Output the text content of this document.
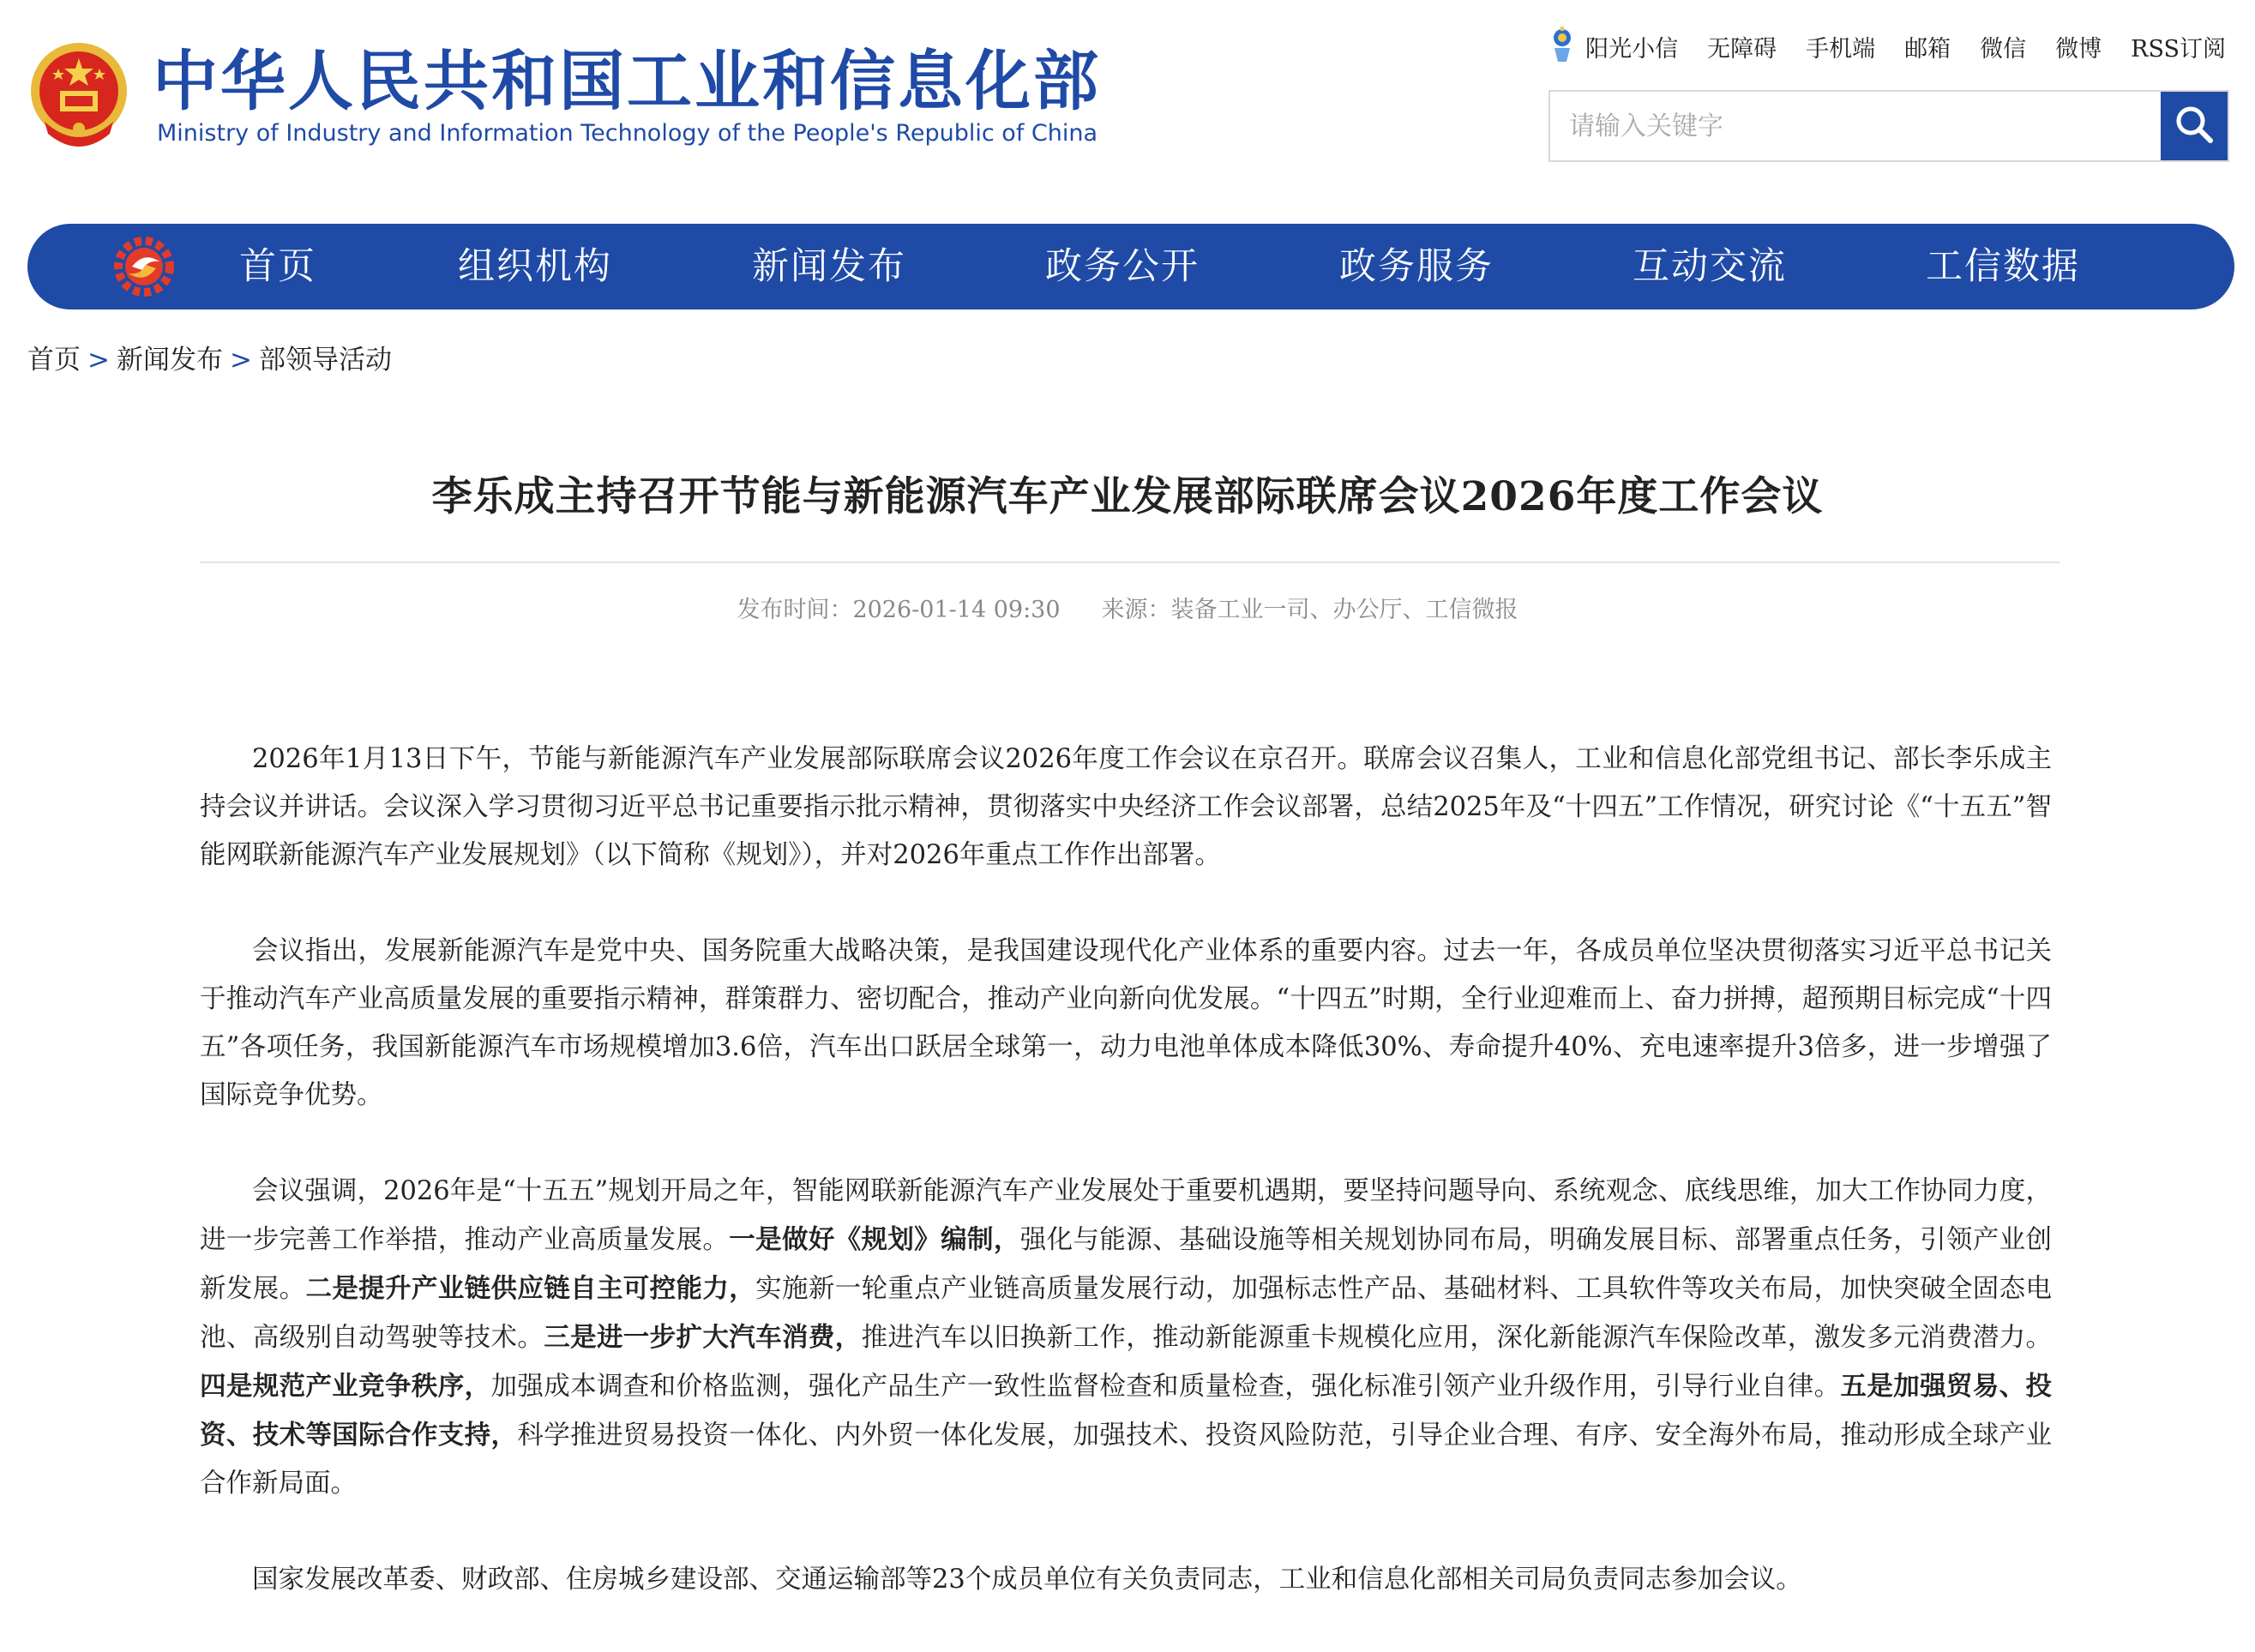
中华人民共和国工业和信息化部
Ministry of Industry and Information Technology of the People's Republic of China
阳光小信 无障碍 手机端 邮箱 微信 微博 RSS订阅
请输入关键字
首页	组织机构	新闻发布	政务公开	政务服务	互动交流	工信数据
首页 > 新闻发布 > 部领导活动
李乐成主持召开节能与新能源汽车产业发展部际联席会议2026年度工作会议
发布时间：2026-01-14 09:30 来源：装备工业一司、办公厅、工信微报

2026年1月13日下午，节能与新能源汽车产业发展部际联席会议2026年度工作会议在京召开。联席会议召集人，工业和信息化部党组书记、部长李乐成主持会议并讲话。会议深入学习贯彻习近平总书记重要指示批示精神，贯彻落实中央经济工作会议部署，总结2025年及“十四五”工作情况，研究讨论《“十五五”智能网联新能源汽车产业发展规划》（以下简称《规划》），并对2026年重点工作作出部署。

会议指出，发展新能源汽车是党中央、国务院重大战略决策，是我国建设现代化产业体系的重要内容。过去一年，各成员单位坚决贯彻落实习近平总书记关于推动汽车产业高质量发展的重要指示精神，群策群力、密切配合，推动产业向新向优发展。“十四五”时期，全行业迎难而上、奋力拼搏，超预期目标完成“十四五”各项任务，我国新能源汽车市场规模增加3.6倍，汽车出口跃居全球第一，动力电池单体成本降低30%、寿命提升40%、充电速率提升3倍多，进一步增强了国际竞争优势。

会议强调，2026年是“十五五”规划开局之年，智能网联新能源汽车产业发展处于重要机遇期，要坚持问题导向、系统观念、底线思维，加大工作协同力度，进一步完善工作举措，推动产业高质量发展。一是做好《规划》编制，强化与能源、基础设施等相关规划协同布局，明确发展目标、部署重点任务，引领产业创新发展。二是提升产业链供应链自主可控能力，实施新一轮重点产业链高质量发展行动，加强标志性产品、基础材料、工具软件等攻关布局，加快突破全固态电池、高级别自动驾驶等技术。三是进一步扩大汽车消费，推进汽车以旧换新工作，推动新能源重卡规模化应用，深化新能源汽车保险改革，激发多元消费潜力。四是规范产业竞争秩序，加强成本调查和价格监测，强化产品生产一致性监督检查和质量检查，强化标准引领产业升级作用，引导行业自律。五是加强贸易、投资、技术等国际合作支持，科学推进贸易投资一体化、内外贸一体化发展，加强技术、投资风险防范，引导企业合理、有序、安全海外布局，推动形成全球产业合作新局面。

国家发展改革委、财政部、住房城乡建设部、交通运输部等23个成员单位有关负责同志，工业和信息化部相关司局负责同志参加会议。
